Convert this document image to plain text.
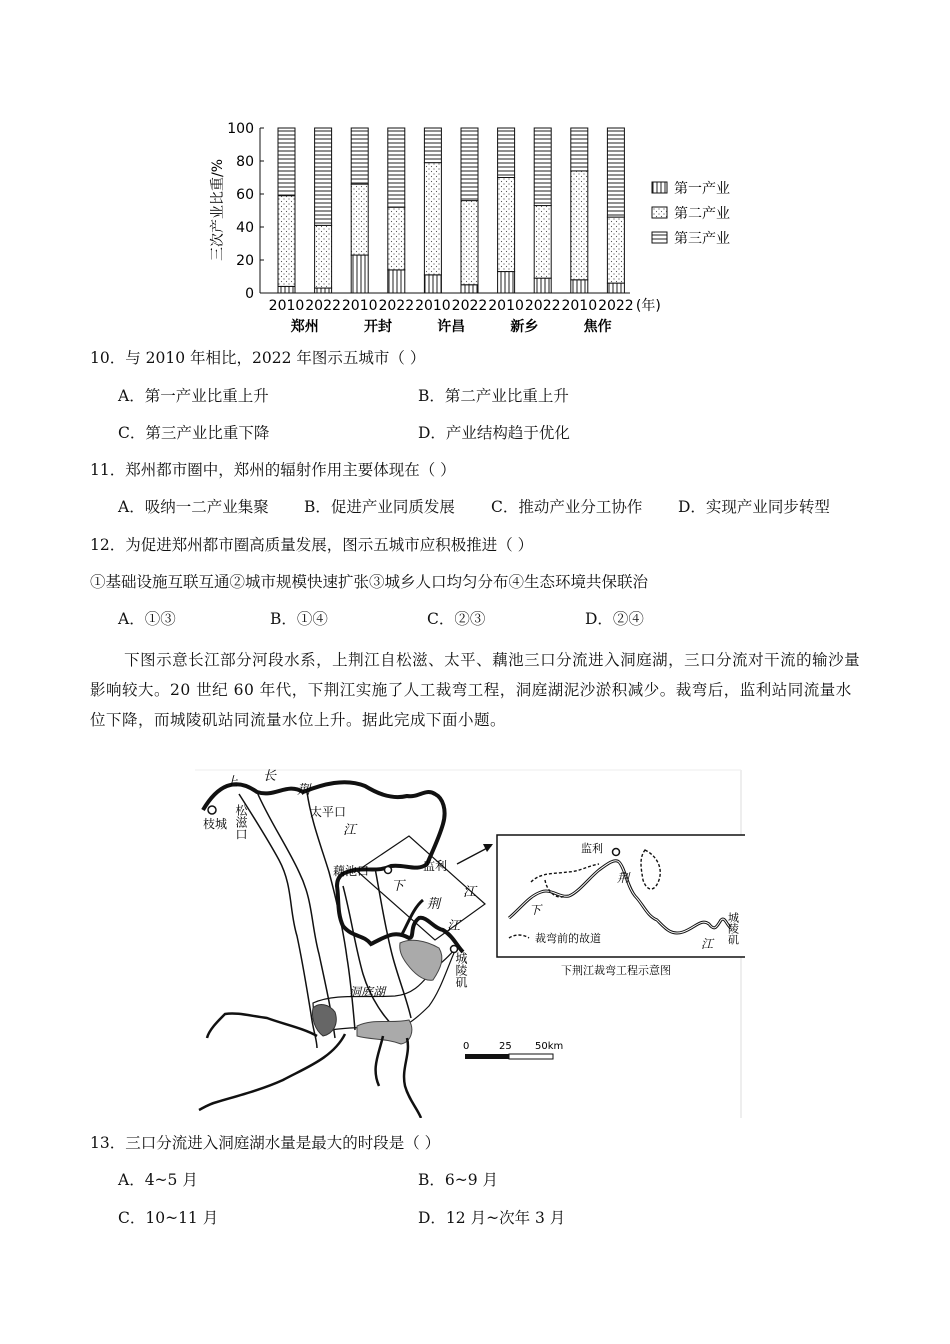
三次产业比重/%
0
20
40
60
80
100
2010 2022 2010 2022 2010 2022 2010 2022 2010 2022 (年)
郑州	开封	许昌	新乡	焦作
第一产业
第二产业
第三产业
10．与 2010 年相比，2022 年图示五城市（ ）
A．第一产业比重上升	B．第二产业比重上升
C．第三产业比重下降	D．产业结构趋于优化
11．郑州都市圈中，郑州的辐射作用主要体现在（ ）
A．吸纳一二产业集聚 B．促进产业同质发展 C．推动产业分工协作 D．实现产业同步转型
12．为促进郑州都市圈高质量发展，图示五城市应积极推进（ ）
①基础设施互联互通②城市规模快速扩张③城乡人口均匀分布④生态环境共保联治
A．①③	B．①④	C．②③	D．②④
下图示意长江部分河段水系，上荆江自松滋、太平、藕池三口分流进入洞庭湖，三口分流对干流的输沙量影响较大。20 世纪 60 年代，下荆江实施了人工裁弯工程，洞庭湖泥沙淤积减少。裁弯后，监利站同流量水位下降，而城陵矶站同流量水位上升。据此完成下面小题。
上 长
荆
江
枝城 松滋口	太平口
藕池口	监利
下
荆
江
江
城陵矶
洞庭湖
0	25 50km
监利
荆
下
江 城陵矶
裁弯前的故道
下荆江裁弯工程示意图
13．三口分流进入洞庭湖水量是最大的时段是（ ）
A．4~5 月	B．6~9 月
C．10~11 月	D．12 月~次年 3 月
